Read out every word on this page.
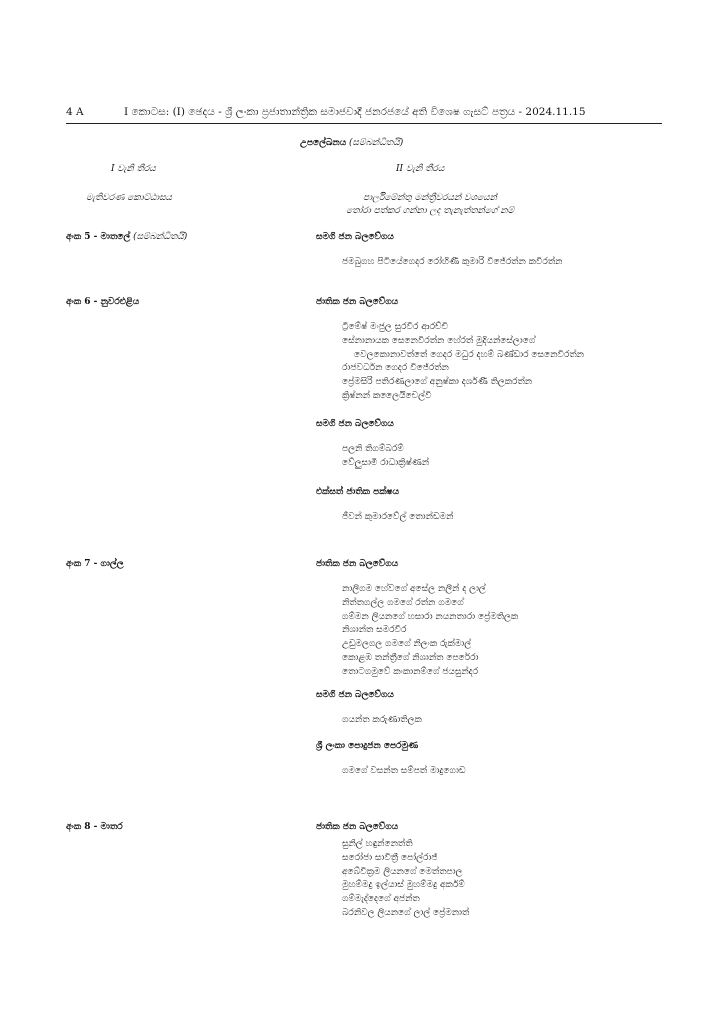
4 A	I කොටස: (I) ඡෙදය - ශ්‍රී ලංකා ප්‍රජාතාන්ත්‍රික සමාජවාදී ජනරජයේ අති විශෙෂ ගැසට් පත්‍රය - 2024.11.15
උපලේඛනය (සම්බන්ධිතයි)
I වැනි තීරය	II වැනි තීරය
මැතිවරණ කොට්ඨාසය	පාර්ලිමේන්තු මන්ත්‍රීවරයන් වශයෙන්
තෝරා පත්කර ගන්නා ලද තැනැත්තන්ගේ නම්
අංක 5 - මාතලේ (සම්බන්ධිතයි)	සමගි ජන බලවේගය
ජමබුගහ පිටියේගෙදර රෝහිණී කුමාරි විජේරත්න කවිරත්න
අංක 6 - නුවරඑළිය	ජාතික ජන බලවේගය
ට්‍රිමේෂ් මංජුල සුරවීර ආරච්චි
සේනානායක සෙනෙවිරත්න හේරත් මුදියන්සේලාගේ
වෙලකොනාවත්තේ ගෙදර මධුර දහම් බණ්ඩාර සෙනෙවිරත්න
රාජවර්ධන ගෙදර විජේරත්න
ප්‍රේමසිරි පතිරණලාගේ අනුෂ්කා දර්ශණී තිලකරත්න
ක්‍රිෂ්නන් කලෛයිචෙල්වි
සමගි ජන බලවේගය
පලනි තිගම්බරම්
වේලුසාමි රාධාක්‍රිෂ්ණන්
එක්සත් ජාතික පක්ෂය
ජීවන් කුමාරවේල් තොන්ඩමන්
අංක 7 - ගාල්ල	ජාතික ජන බලවේගය
නාලිගම හේවගේ අසේල නලීන් ද ලාල්
නිත්තගල්ල ගමගේ රත්න ගමගේ
ගම්මන ලියනගේ හසාරා නයනතාරා ප්‍රේමතිලක
නිශාන්ත සමරවීර
උඩුමලගල ගමගේ නිලංක රුක්මාල්
කොළඹ තන්ත්‍රීගේ නිශාන්ත පෙරේරා
තොටගමුවේ කංකානම්ගේ ජයසුන්දර
සමගි ජන බලවේගය
ගයන්ත කරුණාතිලක
ශ්‍රී ලංකා පොදුජන පෙරමුණ
ගමගේ වසන්ත සම්පත් මාදුගොඩ
අංක 8 - මාතර	ජාතික ජන බලවේගය
සුනිල් හඳුන්නෙත්ති
සරෝජා සාවිත්‍රී පෝල්රාජ්
අබේවික්‍රම ලියනගේ මෙත්තපාල
මුහම්මදු ඉල්යාස් මුහම්මදු අර්කම්
ගම්මැද්දෙගේ අජන්ත
බරනිවල ලියනගේ ලාල් ප්‍රේමනාත්
